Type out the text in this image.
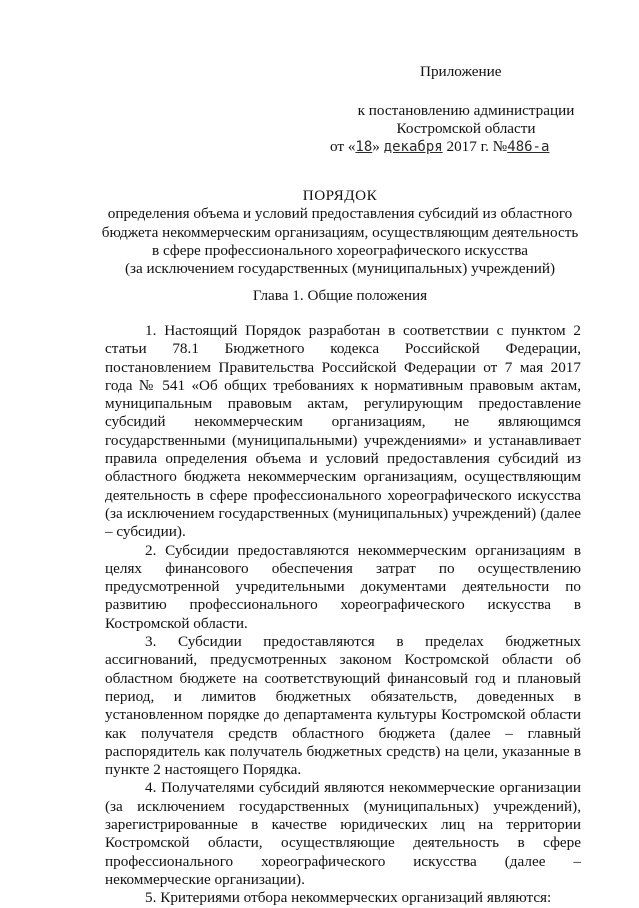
Приложение
к постановлению администрации
Костромской области
от «18» декабря 2017 г. №486-а
ПОРЯДОК
определения объема и условий предоставления субсидий из областного
бюджета некоммерческим организациям, осуществляющим деятельность
в сфере профессионального хореографического искусства
(за исключением государственных (муниципальных) учреждений)
Глава 1. Общие положения

1. Настоящий Порядок разработан в соответствии с пунктом 2 статьи 78.1 Бюджетного кодекса Российской Федерации, постановлением Правительства Российской Федерации от 7 мая 2017 года № 541 «Об общих требованиях к нормативным правовым актам, муниципальным правовым актам, регулирующим предоставление субсидий некоммерческим организациям, не являющимся государственными (муниципальными) учреждениями» и устанавливает правила определения объема и условий предоставления субсидий из областного бюджета некоммерческим организациям, осуществляющим деятельность в сфере профессионального хореографического искусства (за исключением государственных (муниципальных) учреждений) (далее – субсидии).

2. Субсидии предоставляются некоммерческим организациям в целях финансового обеспечения затрат по осуществлению предусмотренной учредительными документами деятельности по развитию профессионального хореографического искусства в Костромской области.

3. Субсидии предоставляются в пределах бюджетных ассигнований, предусмотренных законом Костромской области об областном бюджете на соответствующий финансовый год и плановый период, и лимитов бюджетных обязательств, доведенных в установленном порядке до департамента культуры Костромской области как получателя средств областного бюджета (далее – главный распорядитель как получатель бюджетных средств) на цели, указанные в пункте 2 настоящего Порядка.

4. Получателями субсидий являются некоммерческие организации (за исключением государственных (муниципальных) учреждений), зарегистрированные в качестве юридических лиц на территории Костромской области, осуществляющие деятельность в сфере профессионального хореографического искусства (далее – некоммерческие организации).

5. Критериями отбора некоммерческих организаций являются:
